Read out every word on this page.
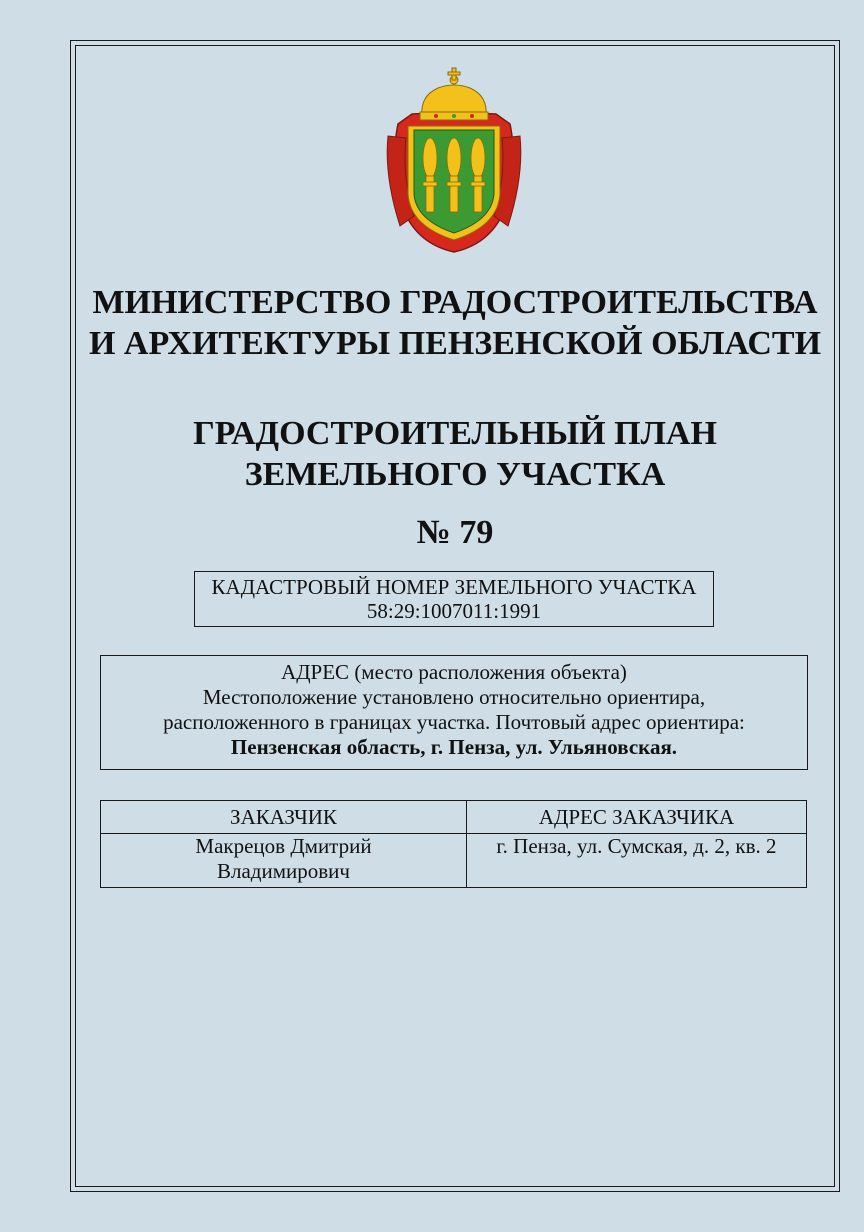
МИНИСТЕРСТВО ГРАДОСТРОИТЕЛЬСТВА
И АРХИТЕКТУРЫ ПЕНЗЕНСКОЙ ОБЛАСТИ
ГРАДОСТРОИТЕЛЬНЫЙ ПЛАН
ЗЕМЕЛЬНОГО УЧАСТКА
№ 79
КАДАСТРОВЫЙ НОМЕР ЗЕМЕЛЬНОГО УЧАСТКА
58:29:1007011:1991
АДРЕС (место расположения объекта)
Местоположение установлено относительно ориентира,
расположенного в границах участка. Почтовый адрес ориентира:
Пензенская область, г. Пенза, ул. Ульяновская.
ЗАКАЗЧИК	АДРЕС ЗАКАЗЧИКА

Макрецов Дмитрий
Владимирович	г. Пенза, ул. Сумская, д. 2, кв. 2
